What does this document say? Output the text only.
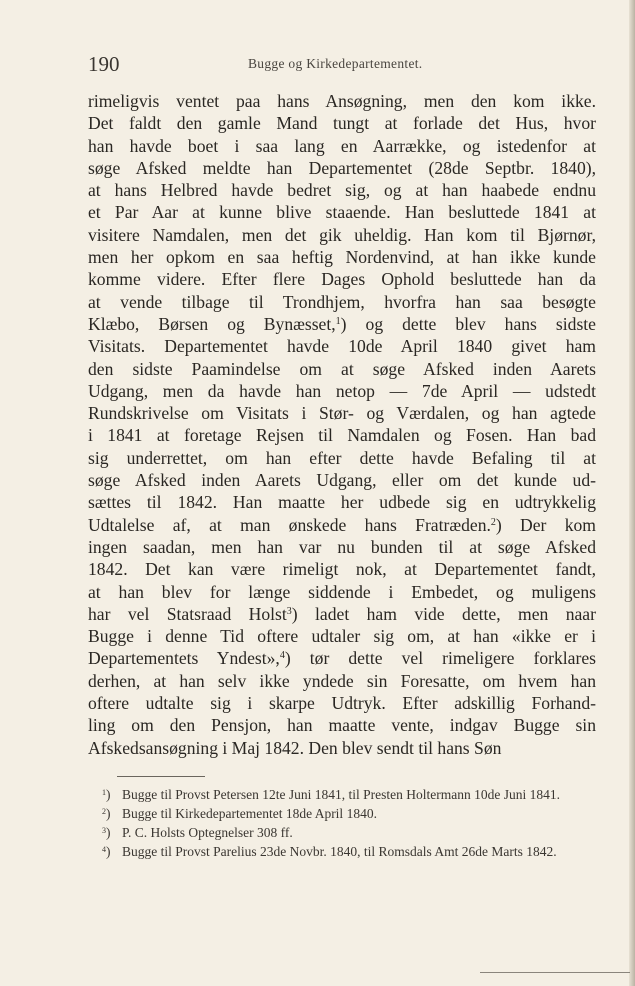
190	Bugge og Kirkedepartementet.
rimeligvis ventet paa hans Ansøgning, men den kom ikke.
Det faldt den gamle Mand tungt at forlade det Hus, hvor
han havde boet i saa lang en Aarrække, og istedenfor at
søge Afsked meldte han Departementet (28de Septbr. 1840),
at hans Helbred havde bedret sig, og at han haabede endnu
et Par Aar at kunne blive staaende. Han besluttede 1841 at
visitere Namdalen, men det gik uheldig. Han kom til Bjørnør,
men her opkom en saa heftig Nordenvind, at han ikke kunde
komme videre. Efter flere Dages Ophold besluttede han da
at vende tilbage til Trondhjem, hvorfra han saa besøgte
Klæbo, Børsen og Bynæsset,$^1$) og dette blev hans sidste
Visitats. Departementet havde 10de April 1840 givet ham
den sidste Paamindelse om at søge Afsked inden Aarets
Udgang, men da havde han netop — 7de April — udstedt
Rundskrivelse om Visitats i Stør- og Værdalen, og han agtede
i 1841 at foretage Rejsen til Namdalen og Fosen. Han bad
sig underrettet, om han efter dette havde Befaling til at
søge Afsked inden Aarets Udgang, eller om det kunde ud-
sættes til 1842. Han maatte her udbede sig en udtrykkelig
Udtalelse af, at man ønskede hans Fratræden.$^2$) Der kom
ingen saadan, men han var nu bunden til at søge Afsked
1842. Det kan være rimeligt nok, at Departementet fandt,
at han blev for længe siddende i Embedet, og muligens
har vel Statsraad Holst$^3$) ladet ham vide dette, men naar
Bugge i denne Tid oftere udtaler sig om, at han «ikke er i
Departementets Yndest»,$^4$) tør dette vel rimeligere forklares
derhen, at han selv ikke yndede sin Foresatte, om hvem han
oftere udtalte sig i skarpe Udtryk. Efter adskillig Forhand-
ling om den Pensjon, han maatte vente, indgav Bugge sin
Afskedsansøgning i Maj 1842. Den blev sendt til hans Søn
$^1$) Bugge til Provst Petersen 12te Juni 1841, til Presten Holtermann 10de Juni 1841.
$^2$) Bugge til Kirkedepartementet 18de April 1840.
$^3$) P. C. Holsts Optegnelser 308 ff.
$^4$) Bugge til Provst Parelius 23de Novbr. 1840, til Romsdals Amt 26de Marts 1842.
